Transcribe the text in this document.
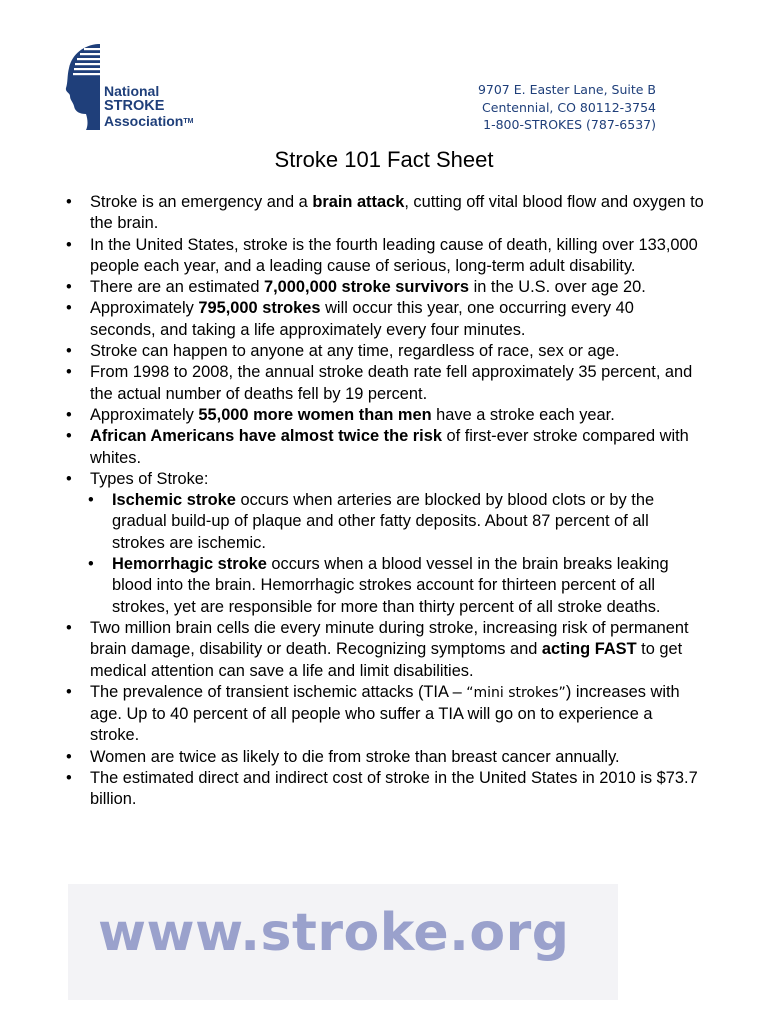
National
STROKE
Association™
9707 E. Easter Lane, Suite B
Centennial, CO 80112-3754
1-800-STROKES (787-6537)
Stroke 101 Fact Sheet
• Stroke is an emergency and a brain attack, cutting off vital blood flow and oxygen to the brain.
• In the United States, stroke is the fourth leading cause of death, killing over 133,000 people each year, and a leading cause of serious, long-term adult disability.
• There are an estimated 7,000,000 stroke survivors in the U.S. over age 20.
• Approximately 795,000 strokes will occur this year, one occurring every 40 seconds, and taking a life approximately every four minutes.
• Stroke can happen to anyone at any time, regardless of race, sex or age.
• From 1998 to 2008, the annual stroke death rate fell approximately 35 percent, and the actual number of deaths fell by 19 percent.
• Approximately 55,000 more women than men have a stroke each year.
• African Americans have almost twice the risk of first-ever stroke compared with whites.
• Types of Stroke:
• Ischemic stroke occurs when arteries are blocked by blood clots or by the gradual build-up of plaque and other fatty deposits. About 87 percent of all strokes are ischemic.
• Hemorrhagic stroke occurs when a blood vessel in the brain breaks leaking blood into the brain. Hemorrhagic strokes account for thirteen percent of all strokes, yet are responsible for more than thirty percent of all stroke deaths.
• Two million brain cells die every minute during stroke, increasing risk of permanent brain damage, disability or death. Recognizing symptoms and acting FAST to get medical attention can save a life and limit disabilities.
• The prevalence of transient ischemic attacks (TIA – “mini strokes”) increases with age. Up to 40 percent of all people who suffer a TIA will go on to experience a stroke.
• Women are twice as likely to die from stroke than breast cancer annually.
• The estimated direct and indirect cost of stroke in the United States in 2010 is $73.7 billion.
www.stroke.org
